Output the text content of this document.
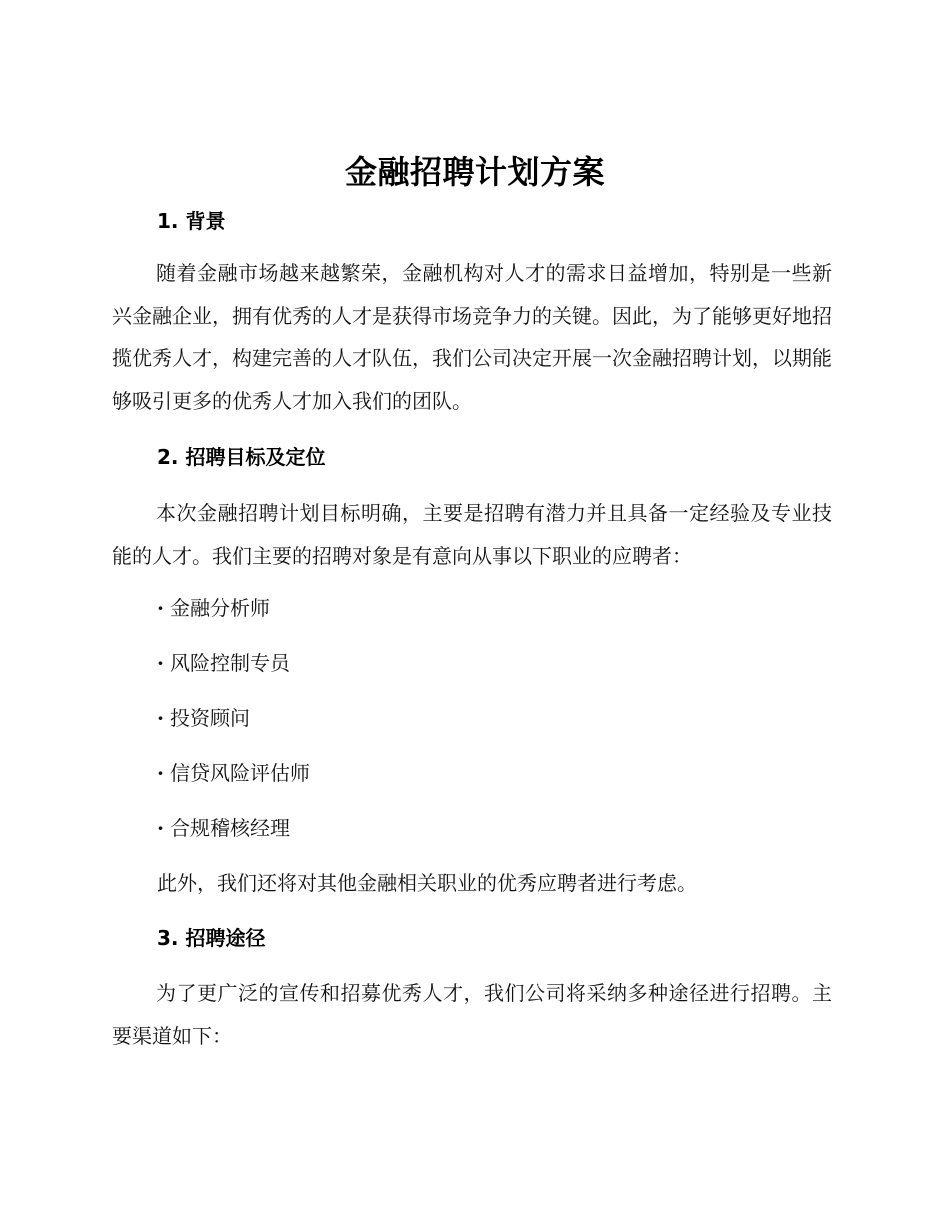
金融招聘计划方案
1. 背景
随着金融市场越来越繁荣，金融机构对人才的需求日益增加，特别是一些新兴金融企业，拥有优秀的人才是获得市场竞争力的关键。因此，为了能够更好地招揽优秀人才，构建完善的人才队伍，我们公司决定开展一次金融招聘计划，以期能够吸引更多的优秀人才加入我们的团队。
2. 招聘目标及定位
本次金融招聘计划目标明确，主要是招聘有潜力并且具备一定经验及专业技能的人才。我们主要的招聘对象是有意向从事以下职业的应聘者：
· 金融分析师
· 风险控制专员
· 投资顾问
· 信贷风险评估师
· 合规稽核经理
此外，我们还将对其他金融相关职业的优秀应聘者进行考虑。
3. 招聘途径
为了更广泛的宣传和招募优秀人才，我们公司将采纳多种途径进行招聘。主要渠道如下：
